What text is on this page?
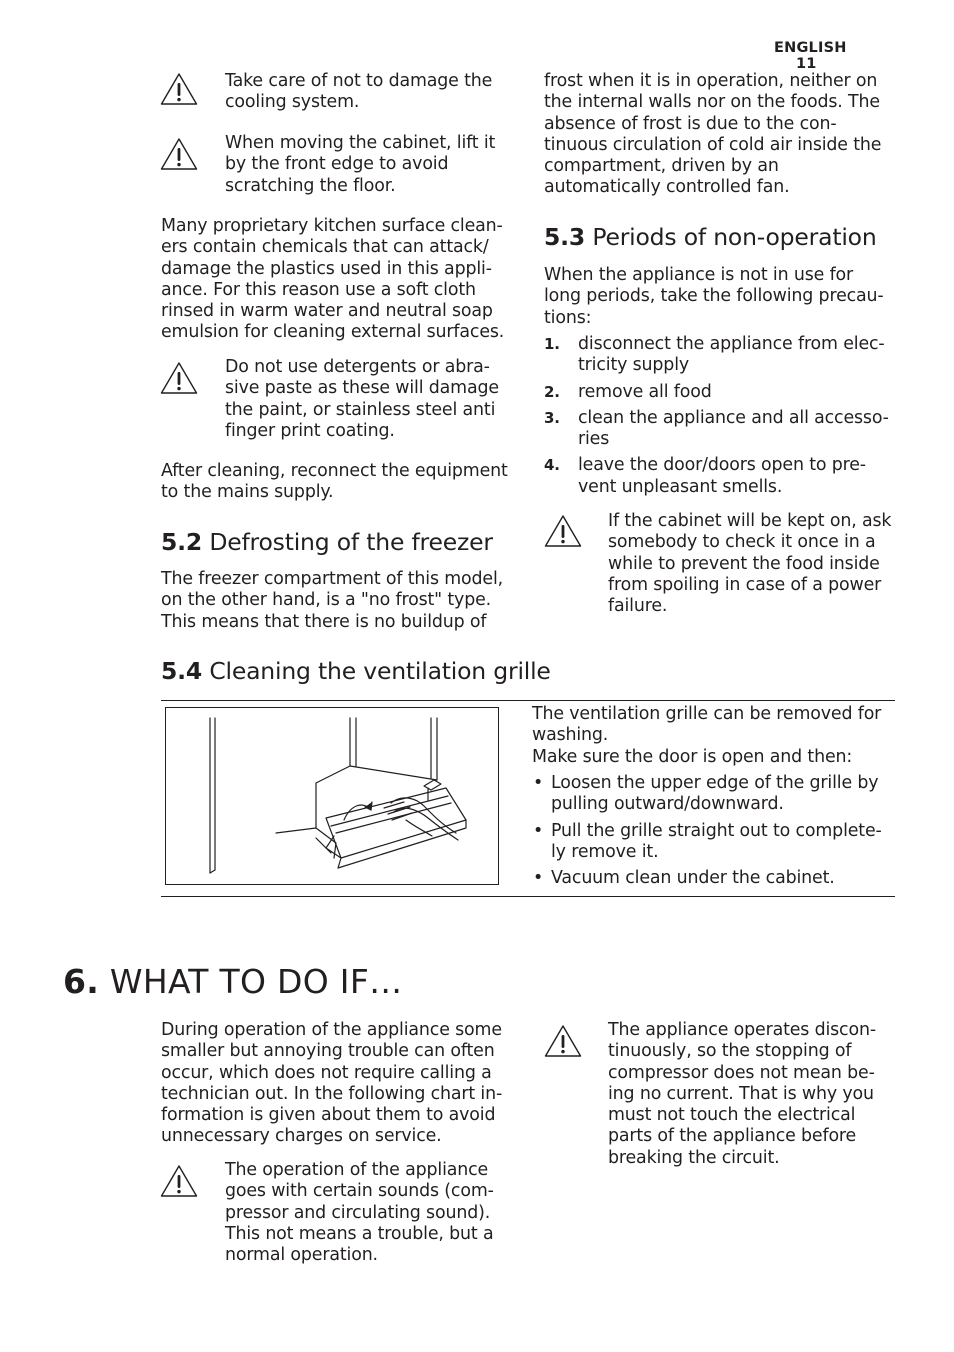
ENGLISH 11
Take care of not to damage the cooling system.
When moving the cabinet, lift it by the front edge to avoid scratching the floor.
Many proprietary kitchen surface clean-ers contain chemicals that can attack/ damage the plastics used in this appli-ance. For this reason use a soft cloth rinsed in warm water and neutral soap emulsion for cleaning external surfaces.
Do not use detergents or abra-sive paste as these will damage the paint, or stainless steel anti finger print coating.
After cleaning, reconnect the equipment to the mains supply.
5.2 Defrosting of the freezer
The freezer compartment of this model, on the other hand, is a "no frost" type. This means that there is no buildup of
frost when it is in operation, neither on the internal walls nor on the foods. The absence of frost is due to the con-tinuous circulation of cold air inside the compartment, driven by an automatically controlled fan.
5.3 Periods of non-operation
When the appliance is not in use for long periods, take the following precau-tions:
1. disconnect the appliance from elec-tricity supply
2. remove all food
3. clean the appliance and all accesso-ries
4. leave the door/doors open to pre-vent unpleasant smells.
If the cabinet will be kept on, ask somebody to check it once in a while to prevent the food inside from spoiling in case of a power failure.
5.4 Cleaning the ventilation grille
The ventilation grille can be removed for washing.
Make sure the door is open and then:
• Loosen the upper edge of the grille by pulling outward/downward.
• Pull the grille straight out to complete-ly remove it.
• Vacuum clean under the cabinet.
6. WHAT TO DO IF…
During operation of the appliance some smaller but annoying trouble can often occur, which does not require calling a technician out. In the following chart in-formation is given about them to avoid unnecessary charges on service.
The operation of the appliance goes with certain sounds (com-pressor and circulating sound). This not means a trouble, but a normal operation.
The appliance operates discon-tinuously, so the stopping of compressor does not mean be-ing no current. That is why you must not touch the electrical parts of the appliance before breaking the circuit.
